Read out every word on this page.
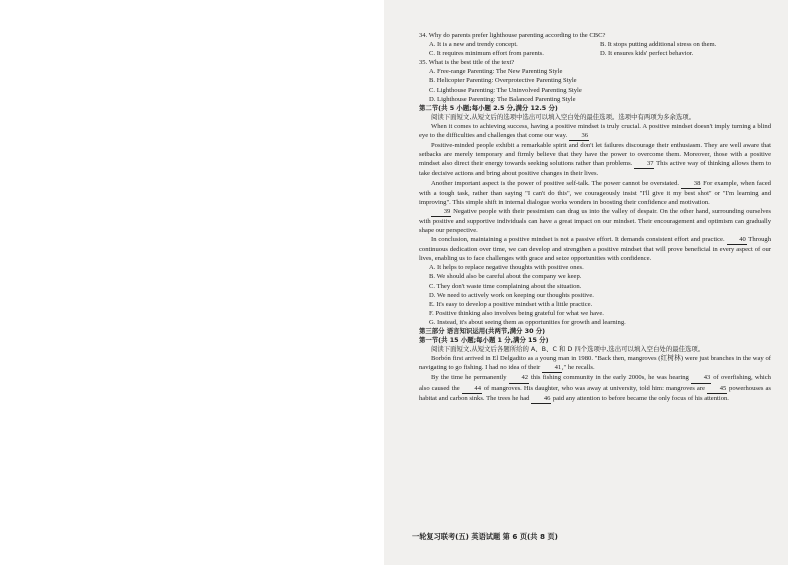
34. Why do parents prefer lighthouse parenting according to the CBC?

A. It is a new and trendy concept.	B. It stops putting additional stress on them.
C. It requires minimum effort from parents.	D. It ensures kids' perfect behavior.

35. What is the best title of the text?

A. Free-range Parenting: The New Parenting Style

B. Helicopter Parenting: Overprotective Parenting Style

C. Lighthouse Parenting: The Uninvolved Parenting Style

D. Lighthouse Parenting: The Balanced Parenting Style

第二节(共 5 小题;每小题 2.5 分,满分 12.5 分)

阅读下面短文,从短文后的选项中选出可以填入空白处的最佳选项。选项中有两项为多余选项。

When it comes to achieving success, having a positive mindset is truly crucial. A positive mindset doesn't imply turning a blind eye to the difficulties and challenges that come our way. 36

Positive-minded people exhibit a remarkable spirit and don't let failures discourage their enthusiasm. They are well aware that setbacks are merely temporary and firmly believe that they have the power to overcome them. Moreover, those with a positive mindset also direct their energy towards seeking solutions rather than problems. 37 This active way of thinking allows them to take decisive actions and bring about positive changes in their lives.

Another important aspect is the power of positive self-talk. The power cannot be overstated. 38 For example, when faced with a tough task, rather than saying "I can't do this", we courageously insist "I'll give it my best shot" or "I'm learning and improving". This simple shift in internal dialogue works wonders in boosting their confidence and motivation.

39 Negative people with their pessimism can drag us into the valley of despair. On the other hand, surrounding ourselves with positive and supportive individuals can have a great impact on our mindset. Their encouragement and optimism can gradually shape our perspective.

In conclusion, maintaining a positive mindset is not a passive effort. It demands consistent effort and practice. 40 Through continuous dedication over time, we can develop and strengthen a positive mindset that will prove beneficial in every aspect of our lives, enabling us to face challenges with grace and seize opportunities with confidence.

A. It helps to replace negative thoughts with positive ones.

B. We should also be careful about the company we keep.

C. They don't waste time complaining about the situation.

D. We need to actively work on keeping our thoughts positive.

E. It's easy to develop a positive mindset with a little practice.

F. Positive thinking also involves being grateful for what we have.

G. Instead, it's about seeing them as opportunities for growth and learning.

第三部分 语言知识运用(共两节,满分 30 分)

第一节(共 15 小题;每小题 1 分,满分 15 分)

阅读下面短文,从短文后各题所给的 A、B、C 和 D 四个选项中,选出可以填入空白处的最佳选项。

Borbón first arrived in El Delgadito as a young man in 1980. "Back then, mangroves (红树林) were just branches in the way of navigating to go fishing. I had no idea of their 41," he recalls.

By the time he permanently 42 this fishing community in the early 2000s, he was hearing 43 of overfishing, which also caused the 44 of mangroves. His daughter, who was away at university, told him: mangroves are 45 powerhouses as habitat and carbon sinks. The trees he had 46 paid any attention to before became the only focus of his attention.

一轮复习联考(五) 英语试题 第 6 页(共 8 页)
